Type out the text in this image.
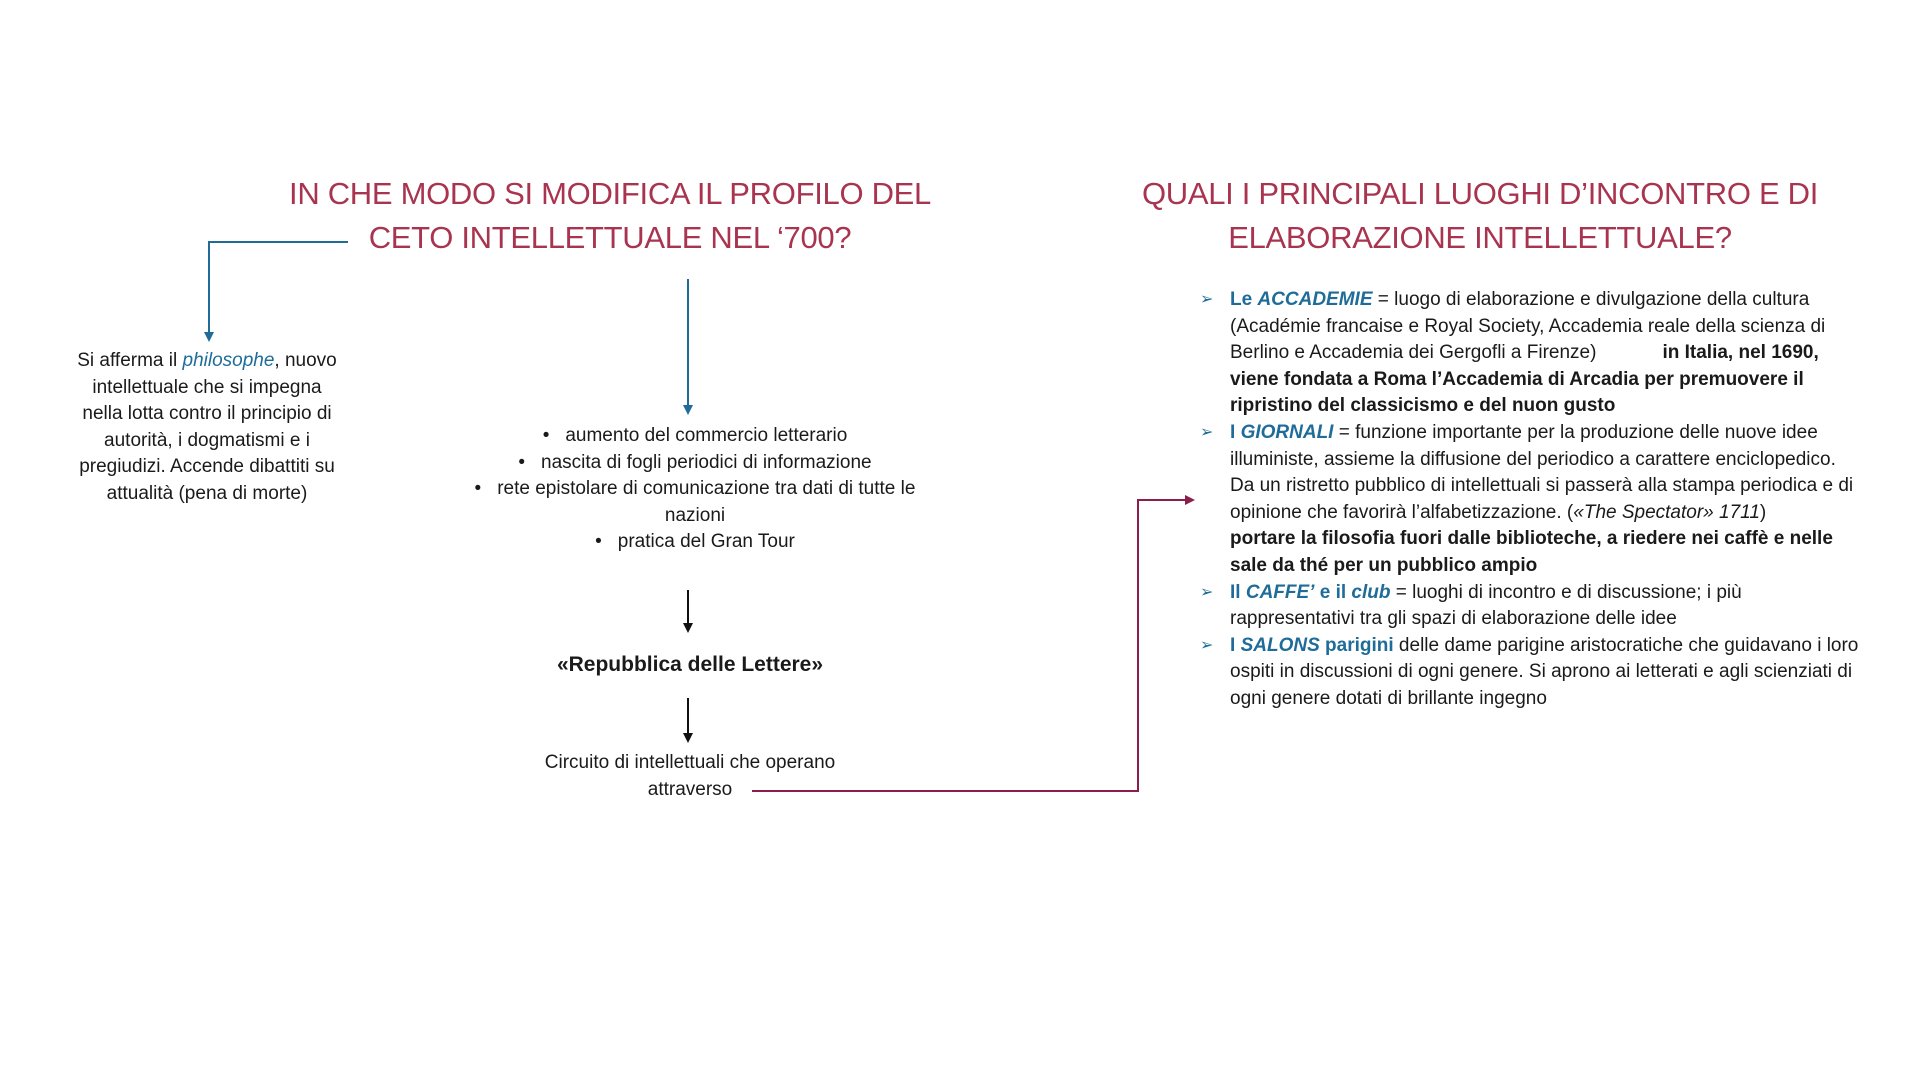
IN CHE MODO SI MODIFICA IL PROFILO DEL
CETO INTELLETTUALE NEL ‘700?
QUALI I PRINCIPALI LUOGHI D’INCONTRO E DI
ELABORAZIONE INTELLETTUALE?
Si afferma il philosophe, nuovo intellettuale che si impegna nella lotta contro il principio di autorità, i dogmatismi e i pregiudizi. Accende dibattiti su attualità (pena di morte)
• aumento del commercio letterario
• nascita di fogli periodici di informazione
• rete epistolare di comunicazione tra dati di tutte le nazioni
• pratica del Gran Tour
«Repubblica delle Lettere»
Circuito di intellettuali che operano attraverso
➢ Le ACCADEMIE = luogo di elaborazione e divulgazione della cultura (Académie francaise e Royal Society, Accademia reale della scienza di Berlino e Accademia dei Gergofli a Firenze)	in Italia, nel 1690, viene fondata a Roma l’Accademia di Arcadia per premuovere il ripristino del classicismo e del nuon gusto
➢ I GIORNALI = funzione importante per la produzione delle nuove idee illuministe, assieme la diffusione del periodico a carattere enciclopedico. Da un ristretto pubblico di intellettuali si passerà alla stampa periodica e di opinione che favorirà l’alfabetizzazione. («The Spectator» 1711)portare la filosofia fuori dalle biblioteche, a riedere nei caffè e nelle sale da thé per un pubblico ampio
➢ Il CAFFE’ e il club = luoghi di incontro e di discussione; i più rappresentativi tra gli spazi di elaborazione delle idee
➢ I SALONS parigini delle dame parigine aristocratiche che guidavano i loro ospiti in discussioni di ogni genere. Si aprono ai letterati e agli scienziati di ogni genere dotati di brillante ingegno
